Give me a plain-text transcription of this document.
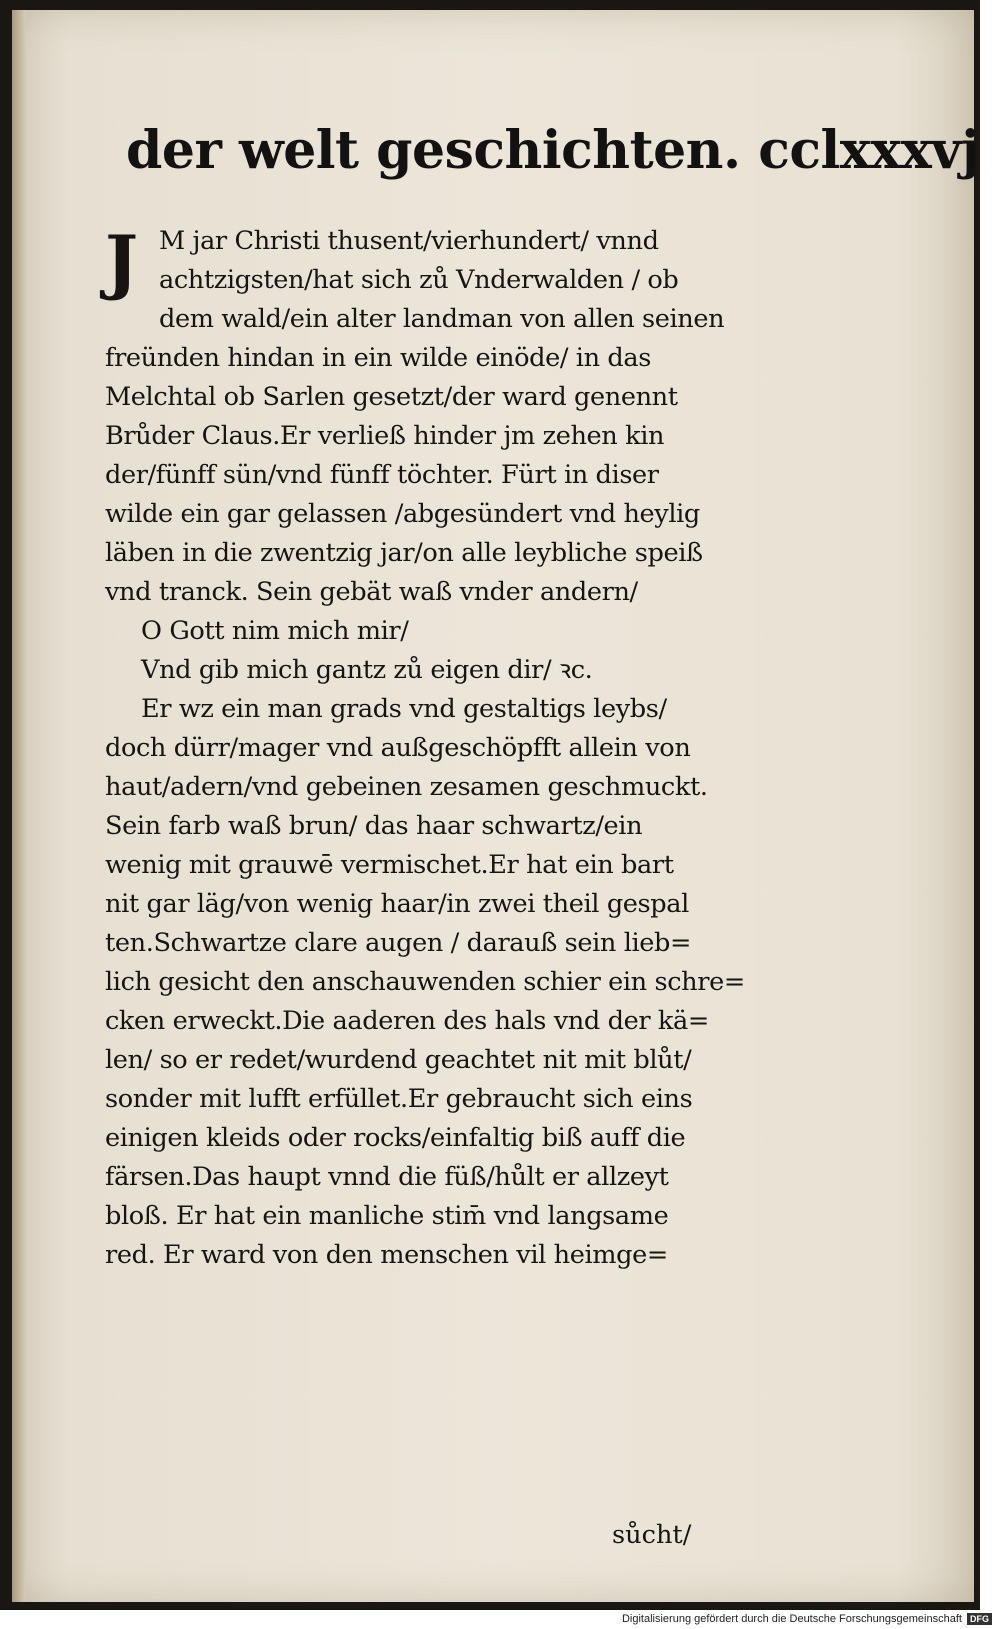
der welt geschichten. cclxxxvj
J M jar Christi thusent/vierhundert/ vnnd
achtzigsten/hat sich zů Vnderwalden / ob
dem wald/ein alter landman von allen seinen
freünden hindan in ein wilde einöde/ in das
Melchtal ob Sarlen gesetzt/der ward genennt
Brůder Claus.Er verließ hinder jm zehen kin
der/fünff sün/vnd fünff töchter. Fürt in diser
wilde ein gar gelassen /abgesündert vnd heylig
läben in die zwentzig jar/on alle leybliche speiß
vnd tranck. Sein gebät waß vnder andern/
O Gott nim mich mir/
Vnd gib mich gantz zů eigen dir/ ꝛc.
Er wz ein man grads vnd gestaltigs leybs/
doch dürr/mager vnd außgeschöpfft allein von
haut/adern/vnd gebeinen zesamen geschmuckt.
Sein farb waß brun/ das haar schwartz/ein
wenig mit grauwē vermischet.Er hat ein bart
nit gar läg/von wenig haar/in zwei theil gespal
ten.Schwartze clare augen / darauß sein lieb=
lich gesicht den anschauwenden schier ein schre=
cken erweckt.Die aaderen des hals vnd der kä=
len/ so er redet/wurdend geachtet nit mit blůt/
sonder mit lufft erfüllet.Er gebraucht sich eins
einigen kleids oder rocks/einfaltig biß auff die
färsen.Das haupt vnnd die füß/hůlt er allzeyt
bloß. Er hat ein manliche stim̄ vnd langsame
red. Er ward von den menschen vil heimge=
sůcht/
Digitalisierung gefördert durch die Deutsche Forschungsgemeinschaft DFG
